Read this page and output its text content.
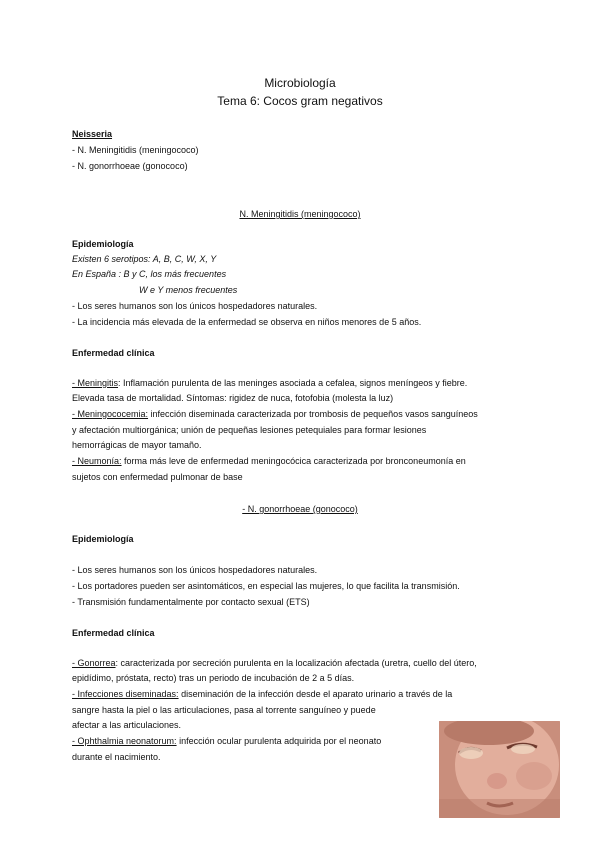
Microbiología
Tema 6: Cocos gram negativos
Neisseria
- N. Meningitidis (meningococo)
- N. gonorrhoeae (gonococo)
N. Meningitidis (meningococo)
Epidemiología
Existen 6 serotipos: A, B, C, W, X, Y
En España : B y C, los más frecuentes
W e Y menos frecuentes
- Los seres humanos son los únicos hospedadores naturales.
- La incidencia más elevada de la enfermedad se observa en niños menores de 5 años.
Enfermedad clínica
- Meningitis: Inflamación purulenta de las meninges asociada a cefalea, signos meníngeos y fiebre.
Elevada tasa de mortalidad. Síntomas: rigidez de nuca, fotofobia (molesta la luz)
- Meningococemia: infección diseminada caracterizada por trombosis de pequeños vasos sanguíneos
y afectación multiorgánica; unión de pequeñas lesiones petequiales para formar lesiones
hemorrágicas de mayor tamaño.
- Neumonía: forma más leve de enfermedad meningocócica caracterizada por bronconeumonía en
sujetos con enfermedad pulmonar de base
- N. gonorrhoeae (gonococo)
Epidemiología
- Los seres humanos son los únicos hospedadores naturales.
- Los portadores pueden ser asintomáticos, en especial las mujeres, lo que facilita la transmisión.
- Transmisión fundamentalmente por contacto sexual (ETS)
Enfermedad clínica
- Gonorrea: caracterizada por secreción purulenta en la localización afectada (uretra, cuello del útero,
epidídimo, próstata, recto) tras un periodo de incubación de 2 a 5 días.
- Infecciones diseminadas: diseminación de la infección desde el aparato urinario a través de la
sangre hasta la piel o las articulaciones, pasa al torrente sanguíneo y puede
afectar a las articulaciones.
- Ophthalmia neonatorum: infección ocular purulenta adquirida por el neonato
durante el nacimiento.
